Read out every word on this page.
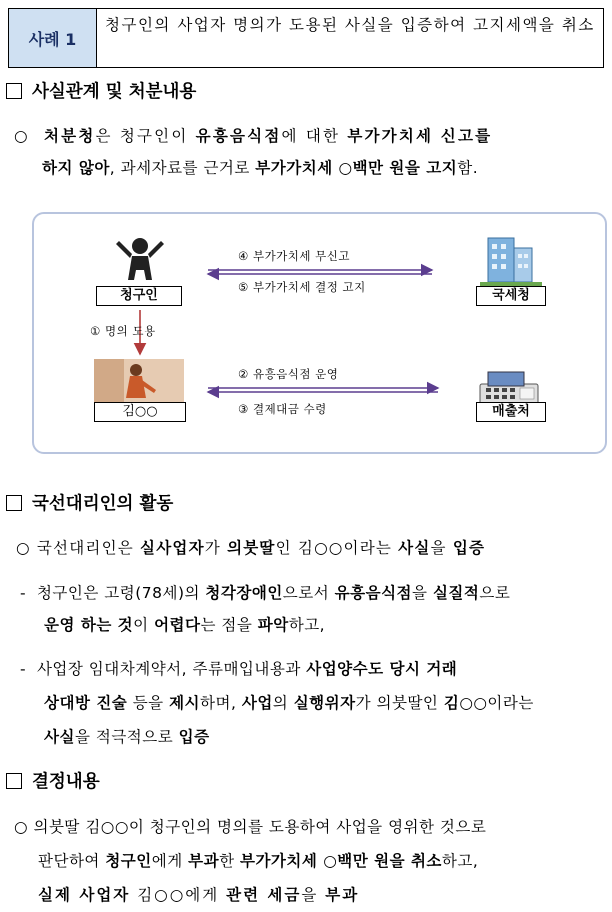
사례 1
청구인의 사업자 명의가 도용된 사실을 입증하여 고지세액을 취소
사실관계 및 처분내용
○ 처분청은 청구인이 유흥음식점에 대한 부가가치세 신고를
하지 않아, 과세자료를 근거로 부가가치세 ○백만 원을 고지함.
청구인	국세청
김○○	매출처
④ 부가가치세 무신고
⑤ 부가가치세 결정 고지
① 명의 도용
② 유흥음식점 운영
③ 결제대금 수령
국선대리인의 활동
○ 국선대리인은 실사업자가 의붓딸인 김○○이라는 사실을 입증
- 청구인은 고령(78세)의 청각장애인으로서 유흥음식점을 실질적으로
운영 하는 것이 어렵다는 점을 파악하고,
- 사업장 임대차계약서, 주류매입내용과 사업양수도 당시 거래
상대방 진술 등을 제시하며, 사업의 실행위자가 의붓딸인 김○○이라는
사실을 적극적으로 입증
결정내용
○ 의붓딸 김○○이 청구인의 명의를 도용하여 사업을 영위한 것으로
판단하여 청구인에게 부과한 부가가치세 ○백만 원을 취소하고,
실제 사업자 김○○에게 관련 세금을 부과
